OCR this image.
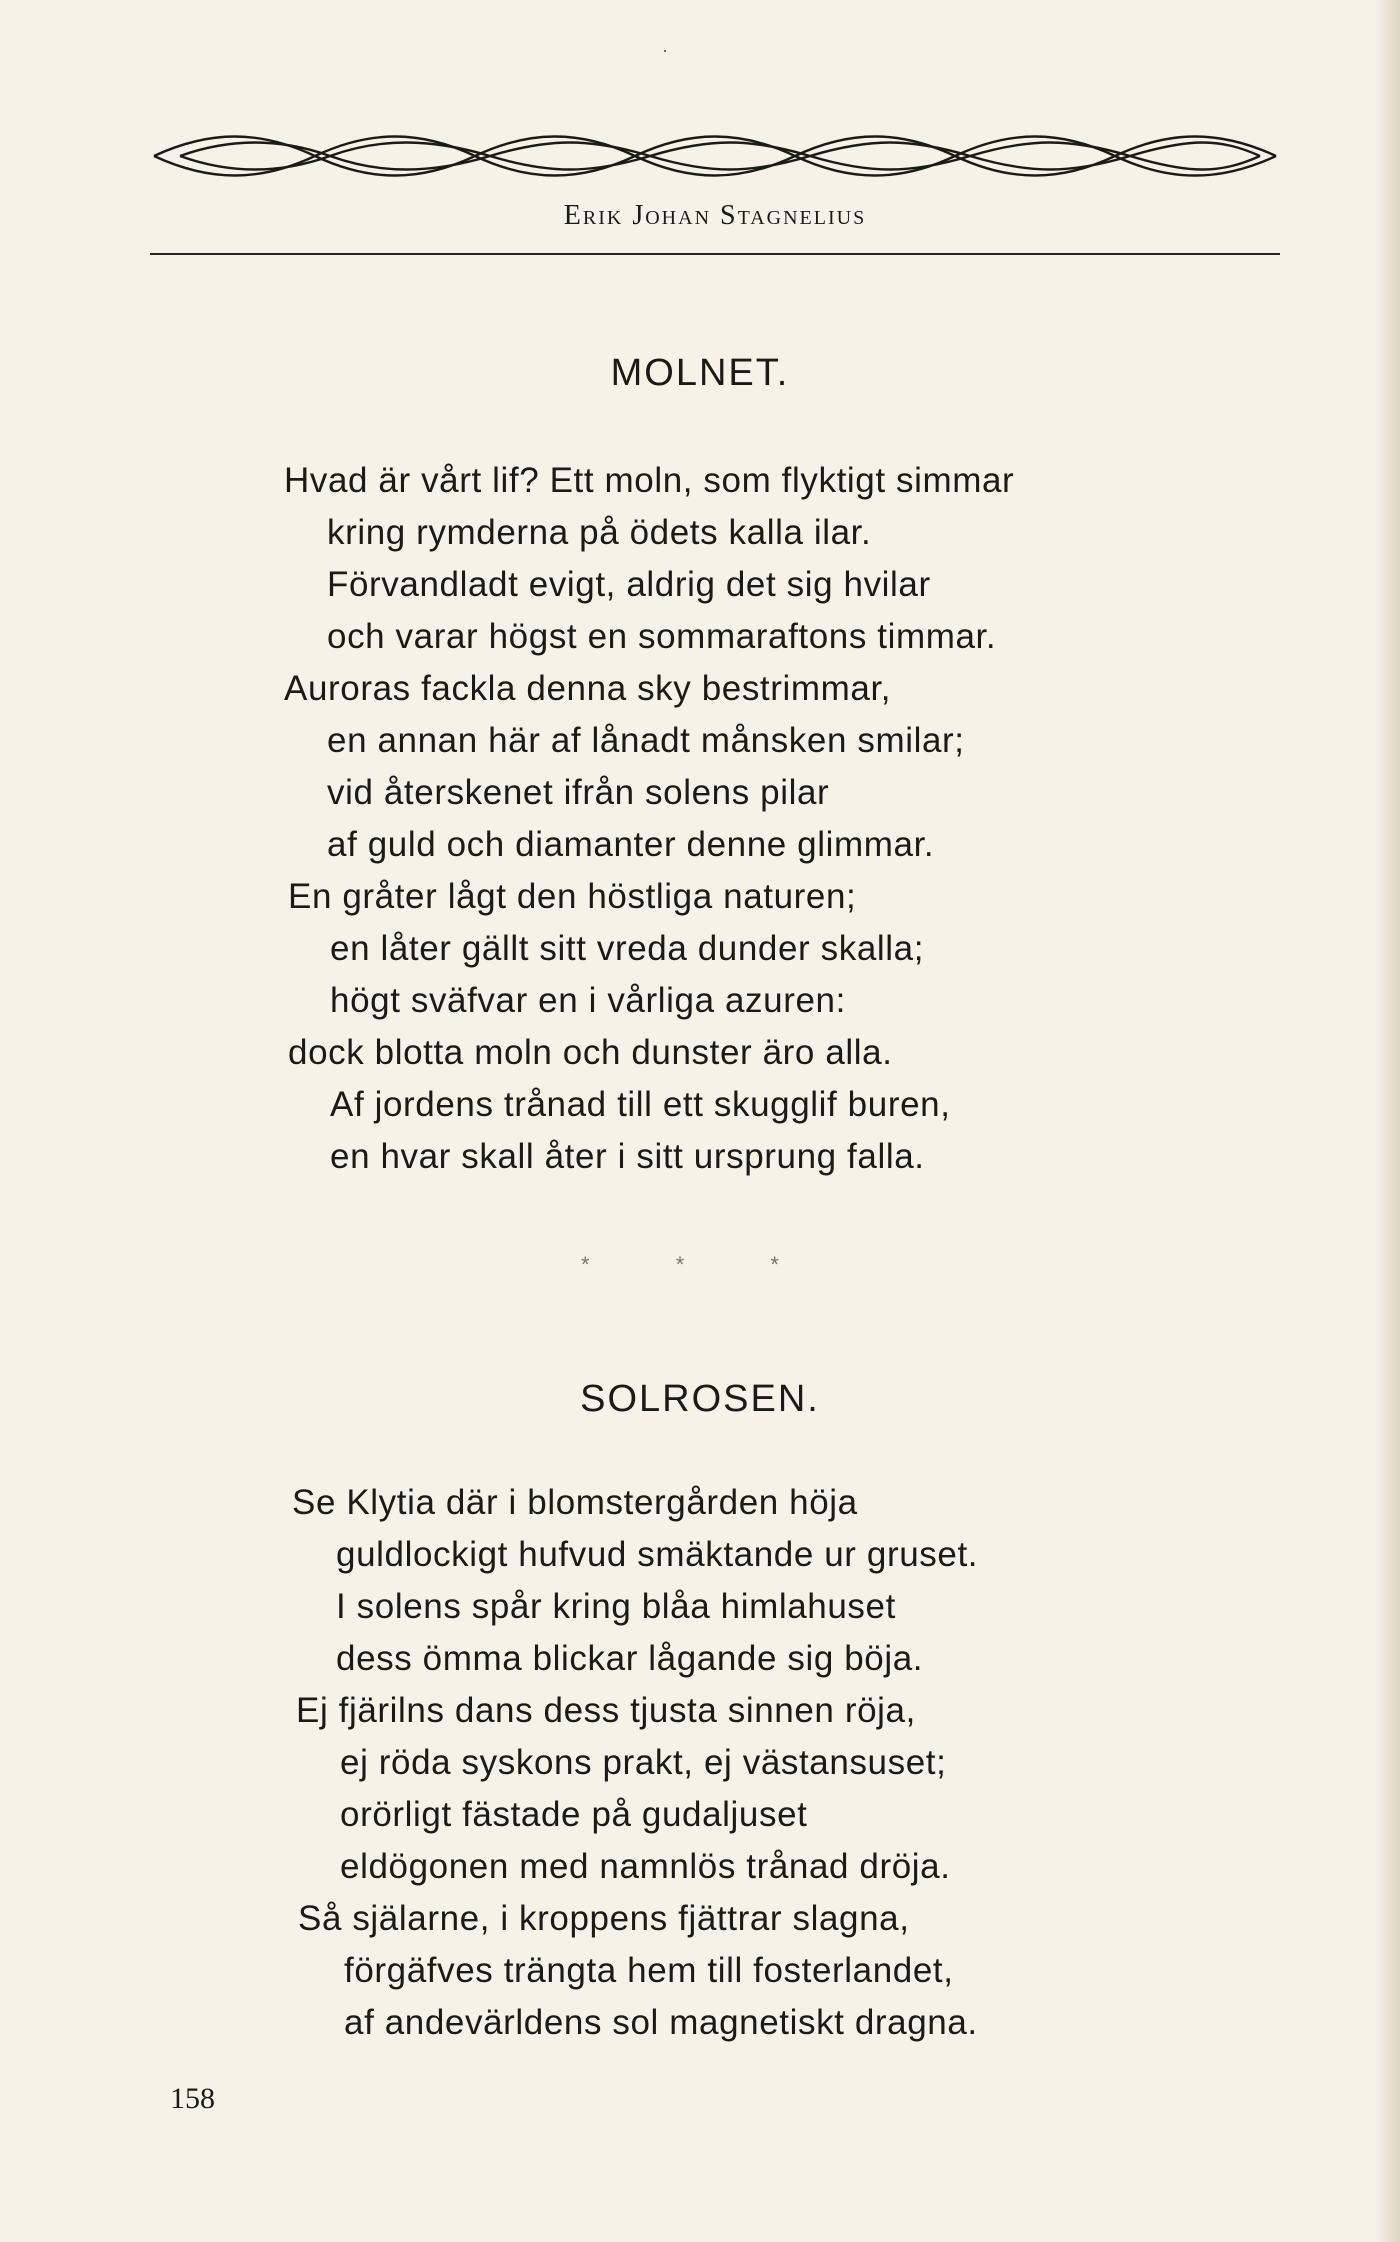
·
Erik Johan Stagnelius
MOLNET.
Hvad är vårt lif? Ett moln, som flyktigt simmar
kring rymderna på ödets kalla ilar.
Förvandladt evigt, aldrig det sig hvilar
och varar högst en sommaraftons timmar.
Auroras fackla denna sky bestrimmar,
en annan här af lånadt månsken smilar;
vid återskenet ifrån solens pilar
af guld och diamanter denne glimmar.
En gråter lågt den höstliga naturen;
en låter gällt sitt vreda dunder skalla;
högt sväfvar en i vårliga azuren:
dock blotta moln och dunster äro alla.
Af jordens trånad till ett skugglif buren,
en hvar skall åter i sitt ursprung falla.
* * *
SOLROSEN.
Se Klytia där i blomstergården höja
guldlockigt hufvud smäktande ur gruset.
I solens spår kring blåa himlahuset
dess ömma blickar lågande sig böja.
Ej fjärilns dans dess tjusta sinnen röja,
ej röda syskons prakt, ej västansuset;
orörligt fästade på gudaljuset
eldögonen med namnlös trånad dröja.
Så själarne, i kroppens fjättrar slagna,
förgäfves trängta hem till fosterlandet,
af andevärldens sol magnetiskt dragna.
158
